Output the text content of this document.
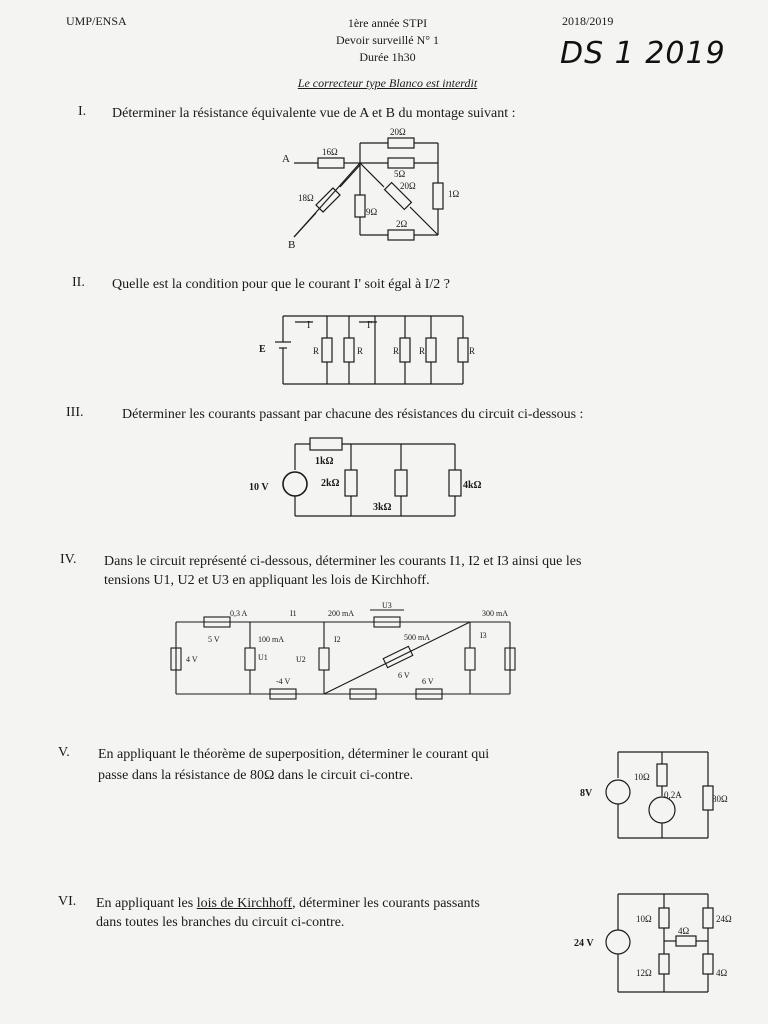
UMP/ENSA	1ère année STPI
Devoir surveillé N° 1
Durée 1h30
Le correcteur type Blanco est interdit
2018/2019
DS 1 2019
I. Déterminer la résistance équivalente vue de A et B du montage suivant :
A
B
16Ω
20Ω
5Ω
1Ω
18Ω
9Ω
20Ω
2Ω
II. Quelle est la condition pour que le courant I' soit égal à I/2 ?
E
I	I'
R	R	R R	R
III.	Déterminer les courants passant par chacune des résistances du circuit ci-dessous :
1kΩ
10 V	2kΩ
3kΩ
4kΩ
IV. Dans le circuit représenté ci-dessous, déterminer les courants I1, I2 et I3 ainsi que les
tensions U1, U2 et U3 en appliquant les lois de Kirchhoff.
0,3 A	I1	200 mA
U3
300 mA
5 V
4 V
100 mA
U1
I2
U2
-4 V
500 mA
6 V
6 V
I3
V. En appliquant le théorème de superposition, déterminer le courant qui
passe dans la résistance de 80Ω dans le circuit ci-contre.
8V
10Ω
0,2A	80Ω
VI. En appliquant les lois de Kirchhoff, déterminer les courants passants
dans toutes les branches du circuit ci-contre.
24 V
10Ω
12Ω
4Ω
24Ω
4Ω
